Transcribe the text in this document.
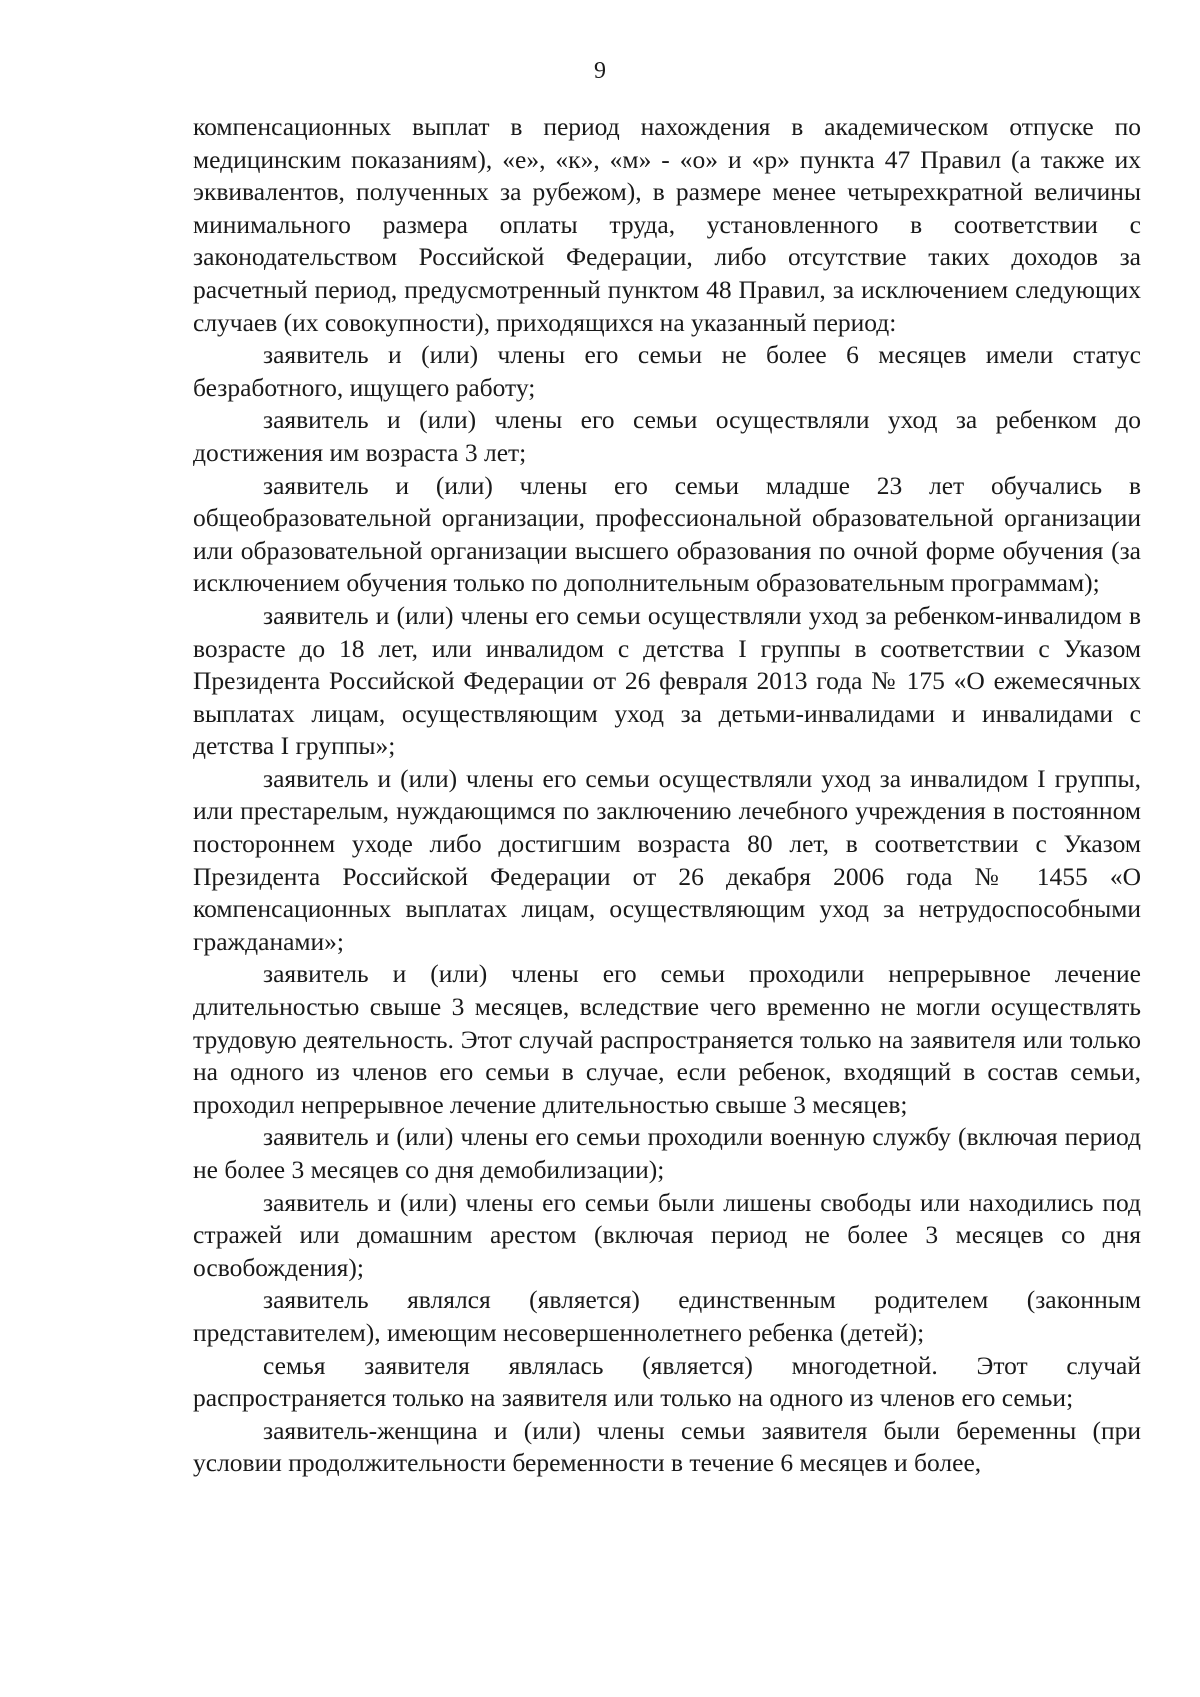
9

компенсационных выплат в период нахождения в академическом отпуске по медицинским показаниям), «е», «к», «м» - «о» и «р» пункта 47 Правил (а также их эквивалентов, полученных за рубежом), в размере менее четырехкратной величины минимального размера оплаты труда, установленного в соответствии с законодательством Российской Федерации, либо отсутствие таких доходов за расчетный период, предусмотренный пунктом 48 Правил, за исключением следующих случаев (их совокупности), приходящихся на указанный период:

заявитель и (или) члены его семьи не более 6 месяцев имели статус безработного, ищущего работу;

заявитель и (или) члены его семьи осуществляли уход за ребенком до достижения им возраста 3 лет;

заявитель и (или) члены его семьи младше 23 лет обучались в общеобразовательной организации, профессиональной образовательной организации или образовательной организации высшего образования по очной форме обучения (за исключением обучения только по дополнительным образовательным программам);

заявитель и (или) члены его семьи осуществляли уход за ребенком-инвалидом в возрасте до 18 лет, или инвалидом с детства I группы в соответствии с Указом Президента Российской Федерации от 26 февраля 2013 года № 175 «О ежемесячных выплатах лицам, осуществляющим уход за детьми-инвалидами и инвалидами с детства I группы»;

заявитель и (или) члены его семьи осуществляли уход за инвалидом I группы, или престарелым, нуждающимся по заключению лечебного учреждения в постоянном постороннем уходе либо достигшим возраста 80 лет, в соответствии с Указом Президента Российской Федерации от 26 декабря 2006 года № 1455 «О компенсационных выплатах лицам, осуществляющим уход за нетрудоспособными гражданами»;

заявитель и (или) члены его семьи проходили непрерывное лечение длительностью свыше 3 месяцев, вследствие чего временно не могли осуществлять трудовую деятельность. Этот случай распространяется только на заявителя или только на одного из членов его семьи в случае, если ребенок, входящий в состав семьи, проходил непрерывное лечение длительностью свыше 3 месяцев;

заявитель и (или) члены его семьи проходили военную службу (включая период не более 3 месяцев со дня демобилизации);

заявитель и (или) члены его семьи были лишены свободы или находились под стражей или домашним арестом (включая период не более 3 месяцев со дня освобождения);

заявитель являлся (является) единственным родителем (законным представителем), имеющим несовершеннолетнего ребенка (детей);

семья заявителя являлась (является) многодетной. Этот случай распространяется только на заявителя или только на одного из членов его семьи;

заявитель-женщина и (или) члены семьи заявителя были беременны (при условии продолжительности беременности в течение 6 месяцев и более,
